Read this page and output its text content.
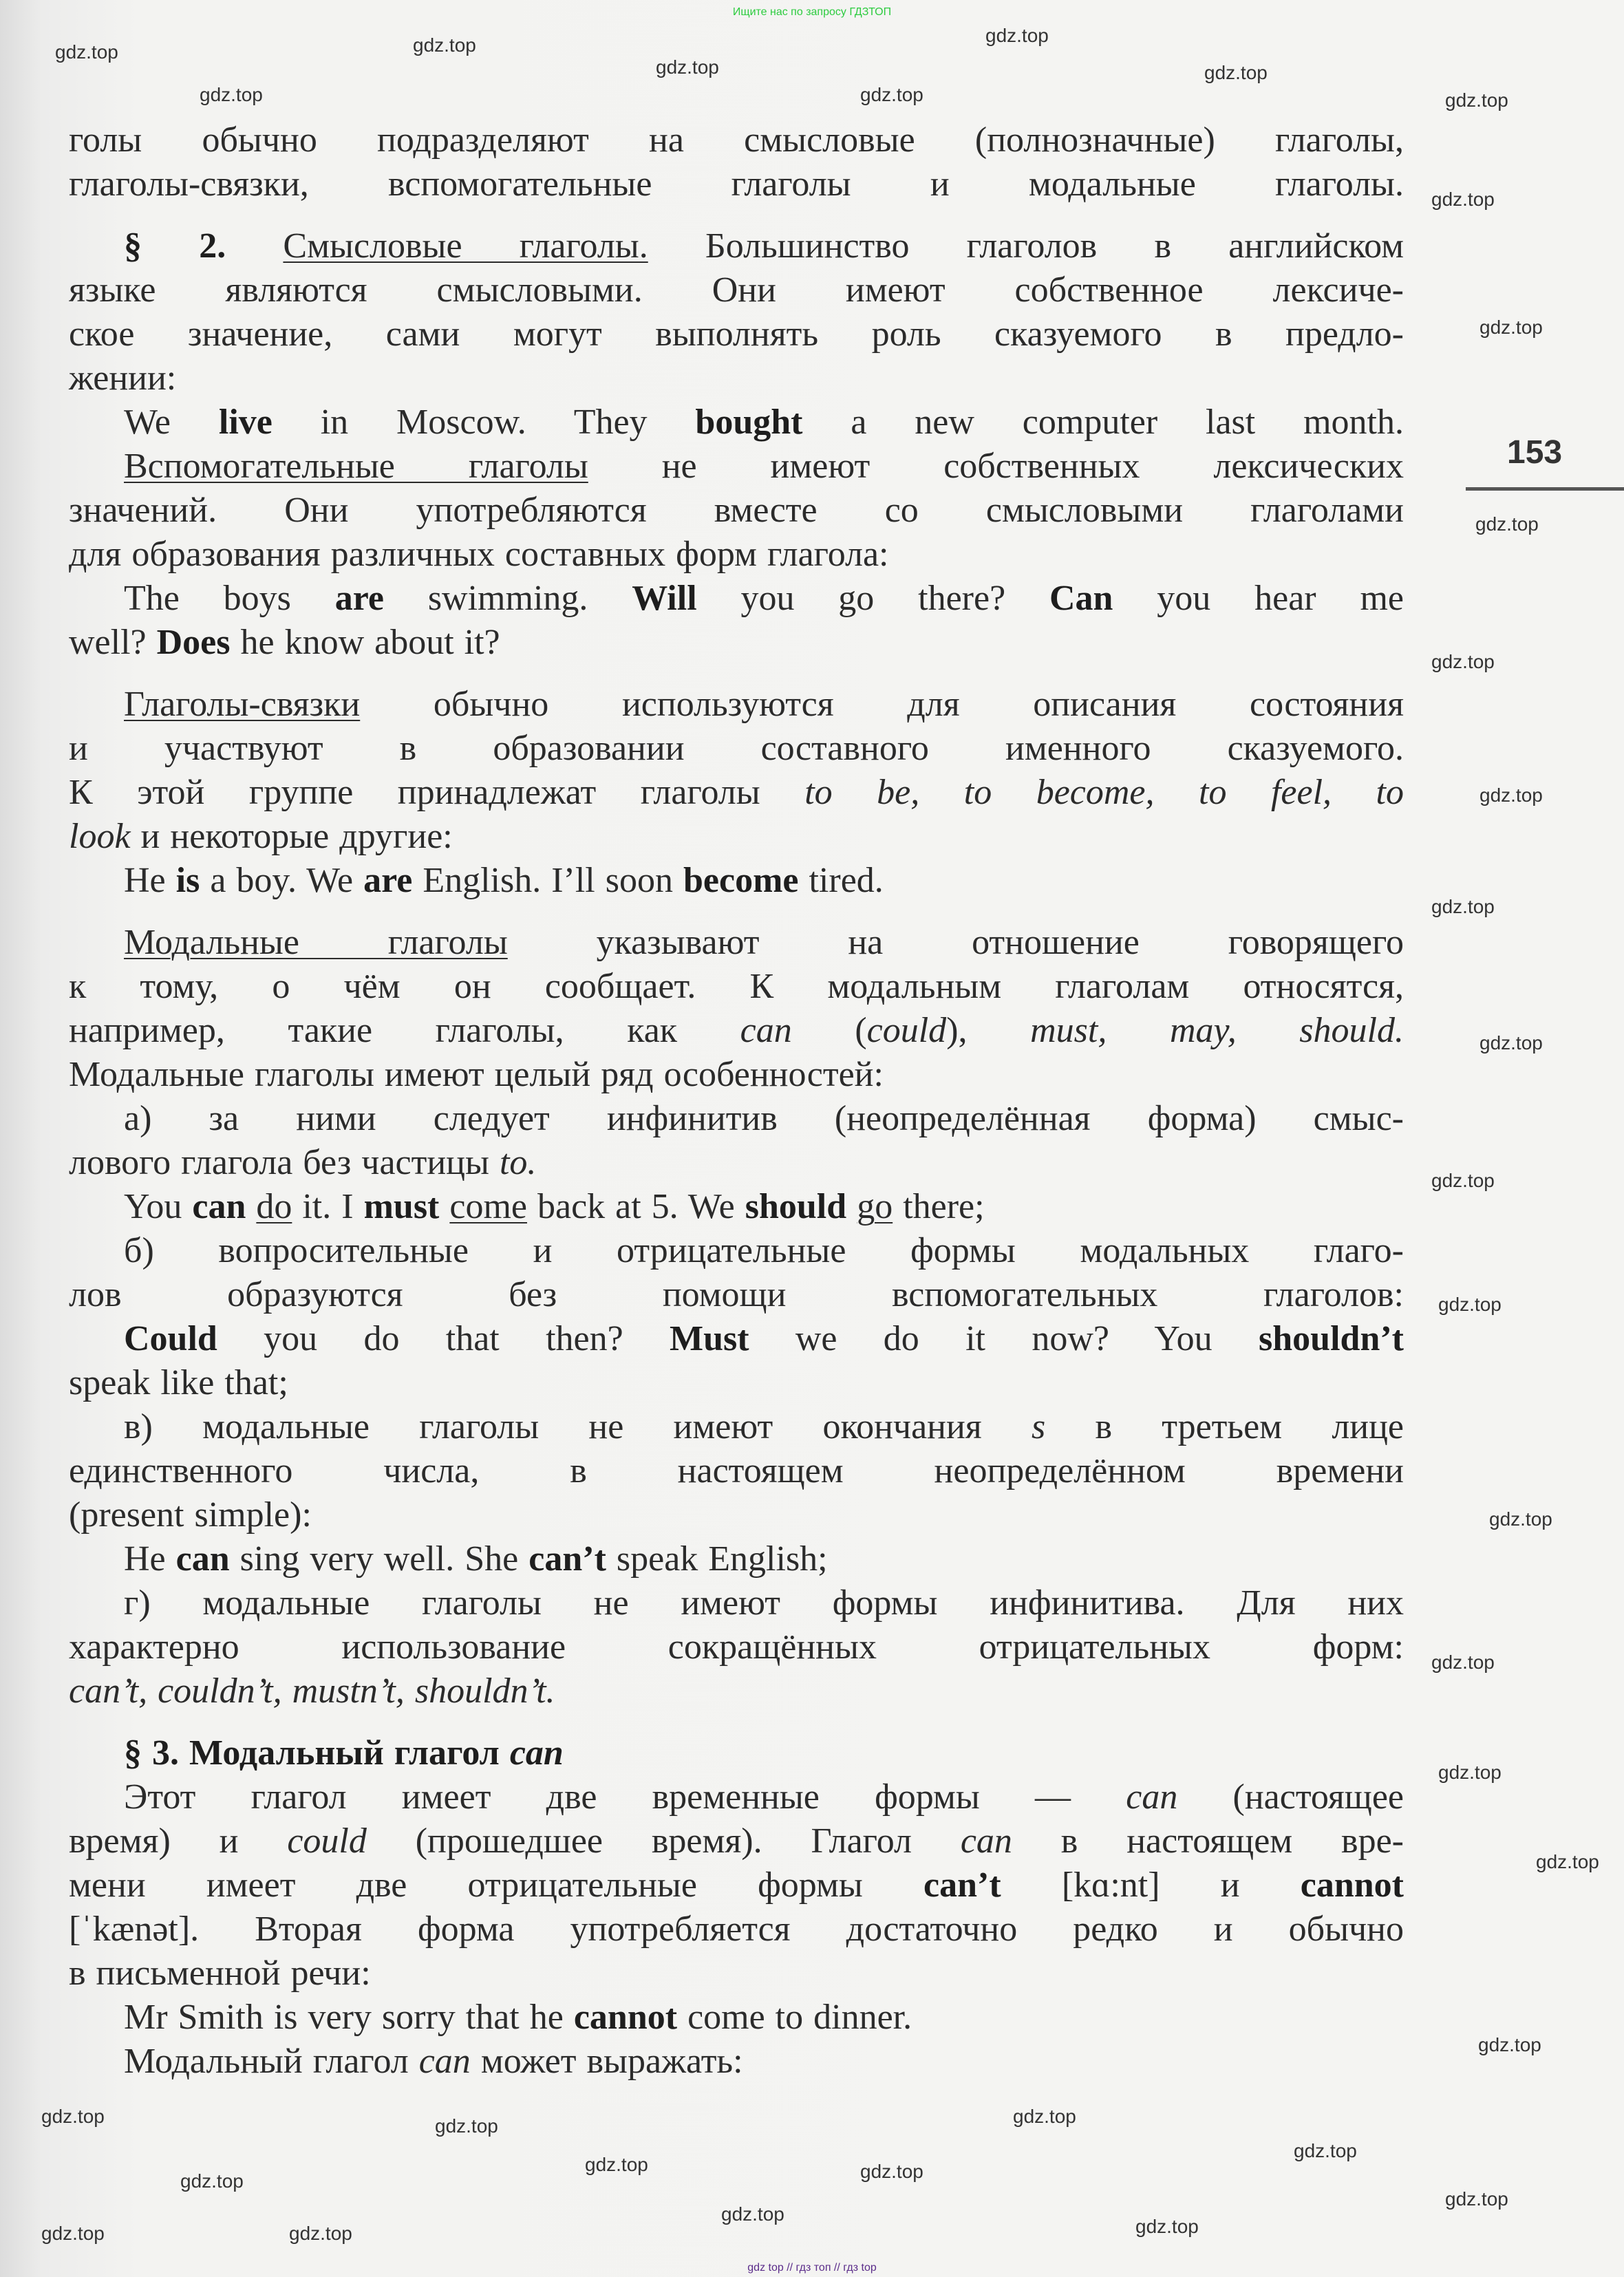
Ищите нас по запросу ГДЗТОП
голы обычно подразделяют на смысловые (полнозначные) глаголы,
глаголы-связки, вспомогательные глаголы и модальные глаголы.
§ 2. Смысловые глаголы. Большинство глаголов в английском
языке являются смысловыми. Они имеют собственное лексиче-
ское значение, сами могут выполнять роль сказуемого в предло-
жении:
We live in Moscow. They bought a new computer last month.
Вспомогательные глаголы не имеют собственных лексических
значений. Они употребляются вместе со смысловыми глаголами
для образования различных составных форм глагола:
The boys are swimming. Will you go there? Can you hear me
well? Does he know about it?
Глаголы-связки обычно используются для описания состояния
и участвуют в образовании составного именного сказуемого.
К этой группе принадлежат глаголы to be, to become, to feel, to
look и некоторые другие:
He is a boy. We are English. I’ll soon become tired.
Модальные глаголы указывают на отношение говорящего
к тому, о чём он сообщает. К модальным глаголам относятся,
например, такие глаголы, как can (could), must, may, should.
Модальные глаголы имеют целый ряд особенностей:
а) за ними следует инфинитив (неопределённая форма) смыс-
лового глагола без частицы to.
You can do it. I must come back at 5. We should go there;
б) вопросительные и отрицательные формы модальных глаго-
лов образуются без помощи вспомогательных глаголов:
Could you do that then? Must we do it now? You shouldn’t
speak like that;
в) модальные глаголы не имеют окончания s в третьем лице
единственного числа, в настоящем неопределённом времени
(present simple):
He can sing very well. She can’t speak English;
г) модальные глаголы не имеют формы инфинитива. Для них
характерно использование сокращённых отрицательных форм:
can’t, couldn’t, mustn’t, shouldn’t.
§ 3. Модальный глагол can
Этот глагол имеет две временные формы — can (настоящее
время) и could (прошедшее время). Глагол can в настоящем вре-
мени имеет две отрицательные формы can’t [kɑ:nt] и cannot
[ˈkænət]. Вторая форма употребляется достаточно редко и обычно
в письменной речи:
Mr Smith is very sorry that he cannot come to dinner.
Модальный глагол can может выражать:
153
gdz.top
gdz.top
gdz.top
gdz.top
gdz.top
gdz.top
gdz.top
gdz.top
gdz.top
gdz.top
gdz.top
gdz.top
gdz.top
gdz.top
gdz.top
gdz.top
gdz.top
gdz.top
gdz.top
gdz.top
gdz.top
gdz.top
gdz.top
gdz.top
gdz.top
gdz.top
gdz.top
gdz.top
gdz.top
gdz.top	gdz.top
gdz.top
gdz.top
gdz.top
gdz top // гдз топ // гдз top
